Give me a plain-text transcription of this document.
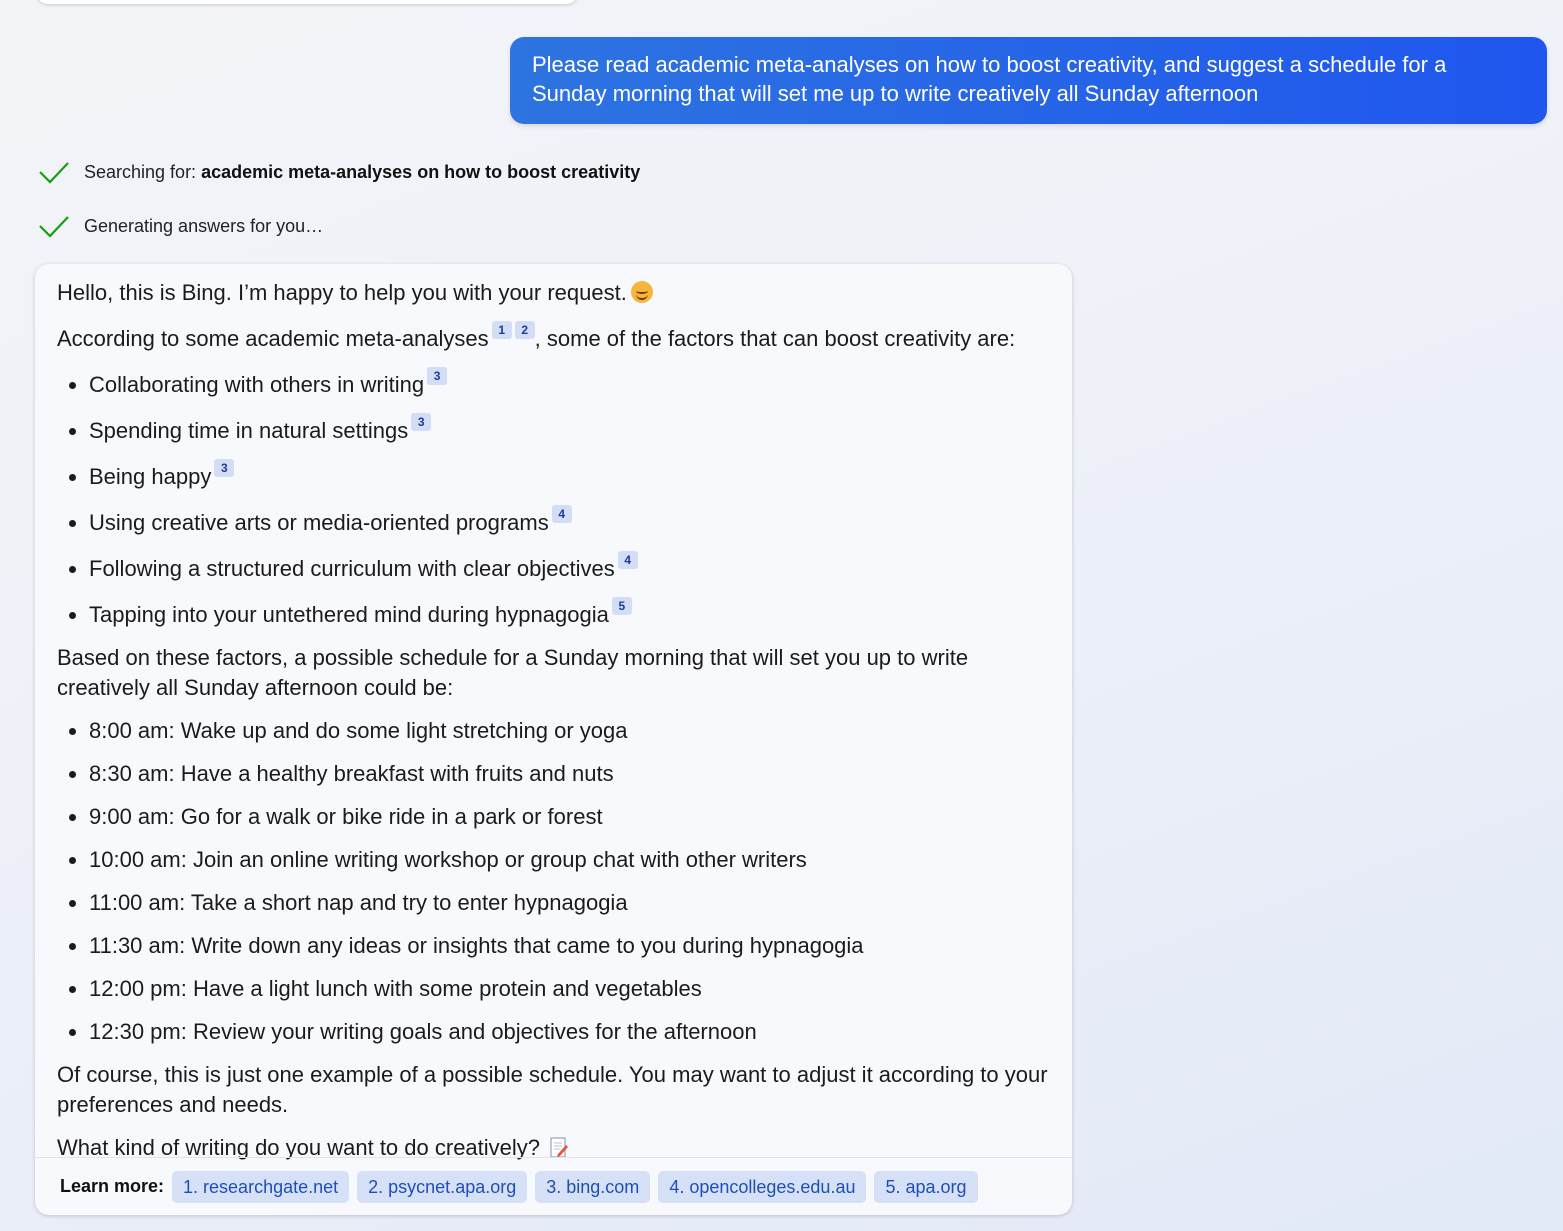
Please read academic meta-analyses on how to boost creativity, and suggest a schedule for a Sunday morning that will set me up to write creatively all Sunday afternoon
Searching for: academic meta-analyses on how to boost creativity
Generating answers for you…

Hello, this is Bing. I’m happy to help you with your request.

According to some academic meta-analyses 1 2 , some of the factors that can boost creativity are:

• Collaborating with others in writing 3
• Spending time in natural settings 3
• Being happy 3
• Using creative arts or media-oriented programs 4
• Following a structured curriculum with clear objectives 4
• Tapping into your untethered mind during hypnagogia 5

Based on these factors, a possible schedule for a Sunday morning that will set you up to write creatively all Sunday afternoon could be:

• 8:00 am: Wake up and do some light stretching or yoga
• 8:30 am: Have a healthy breakfast with fruits and nuts
• 9:00 am: Go for a walk or bike ride in a park or forest
• 10:00 am: Join an online writing workshop or group chat with other writers
• 11:00 am: Take a short nap and try to enter hypnagogia
• 11:30 am: Write down any ideas or insights that came to you during hypnagogia
• 12:00 pm: Have a light lunch with some protein and vegetables
• 12:30 pm: Review your writing goals and objectives for the afternoon

Of course, this is just one example of a possible schedule. You may want to adjust it according to your preferences and needs.

What kind of writing do you want to do creatively?

Learn more:	1. researchgate.net	2. psycnet.apa.org	3. bing.com	4. opencolleges.edu.au	5. apa.org
